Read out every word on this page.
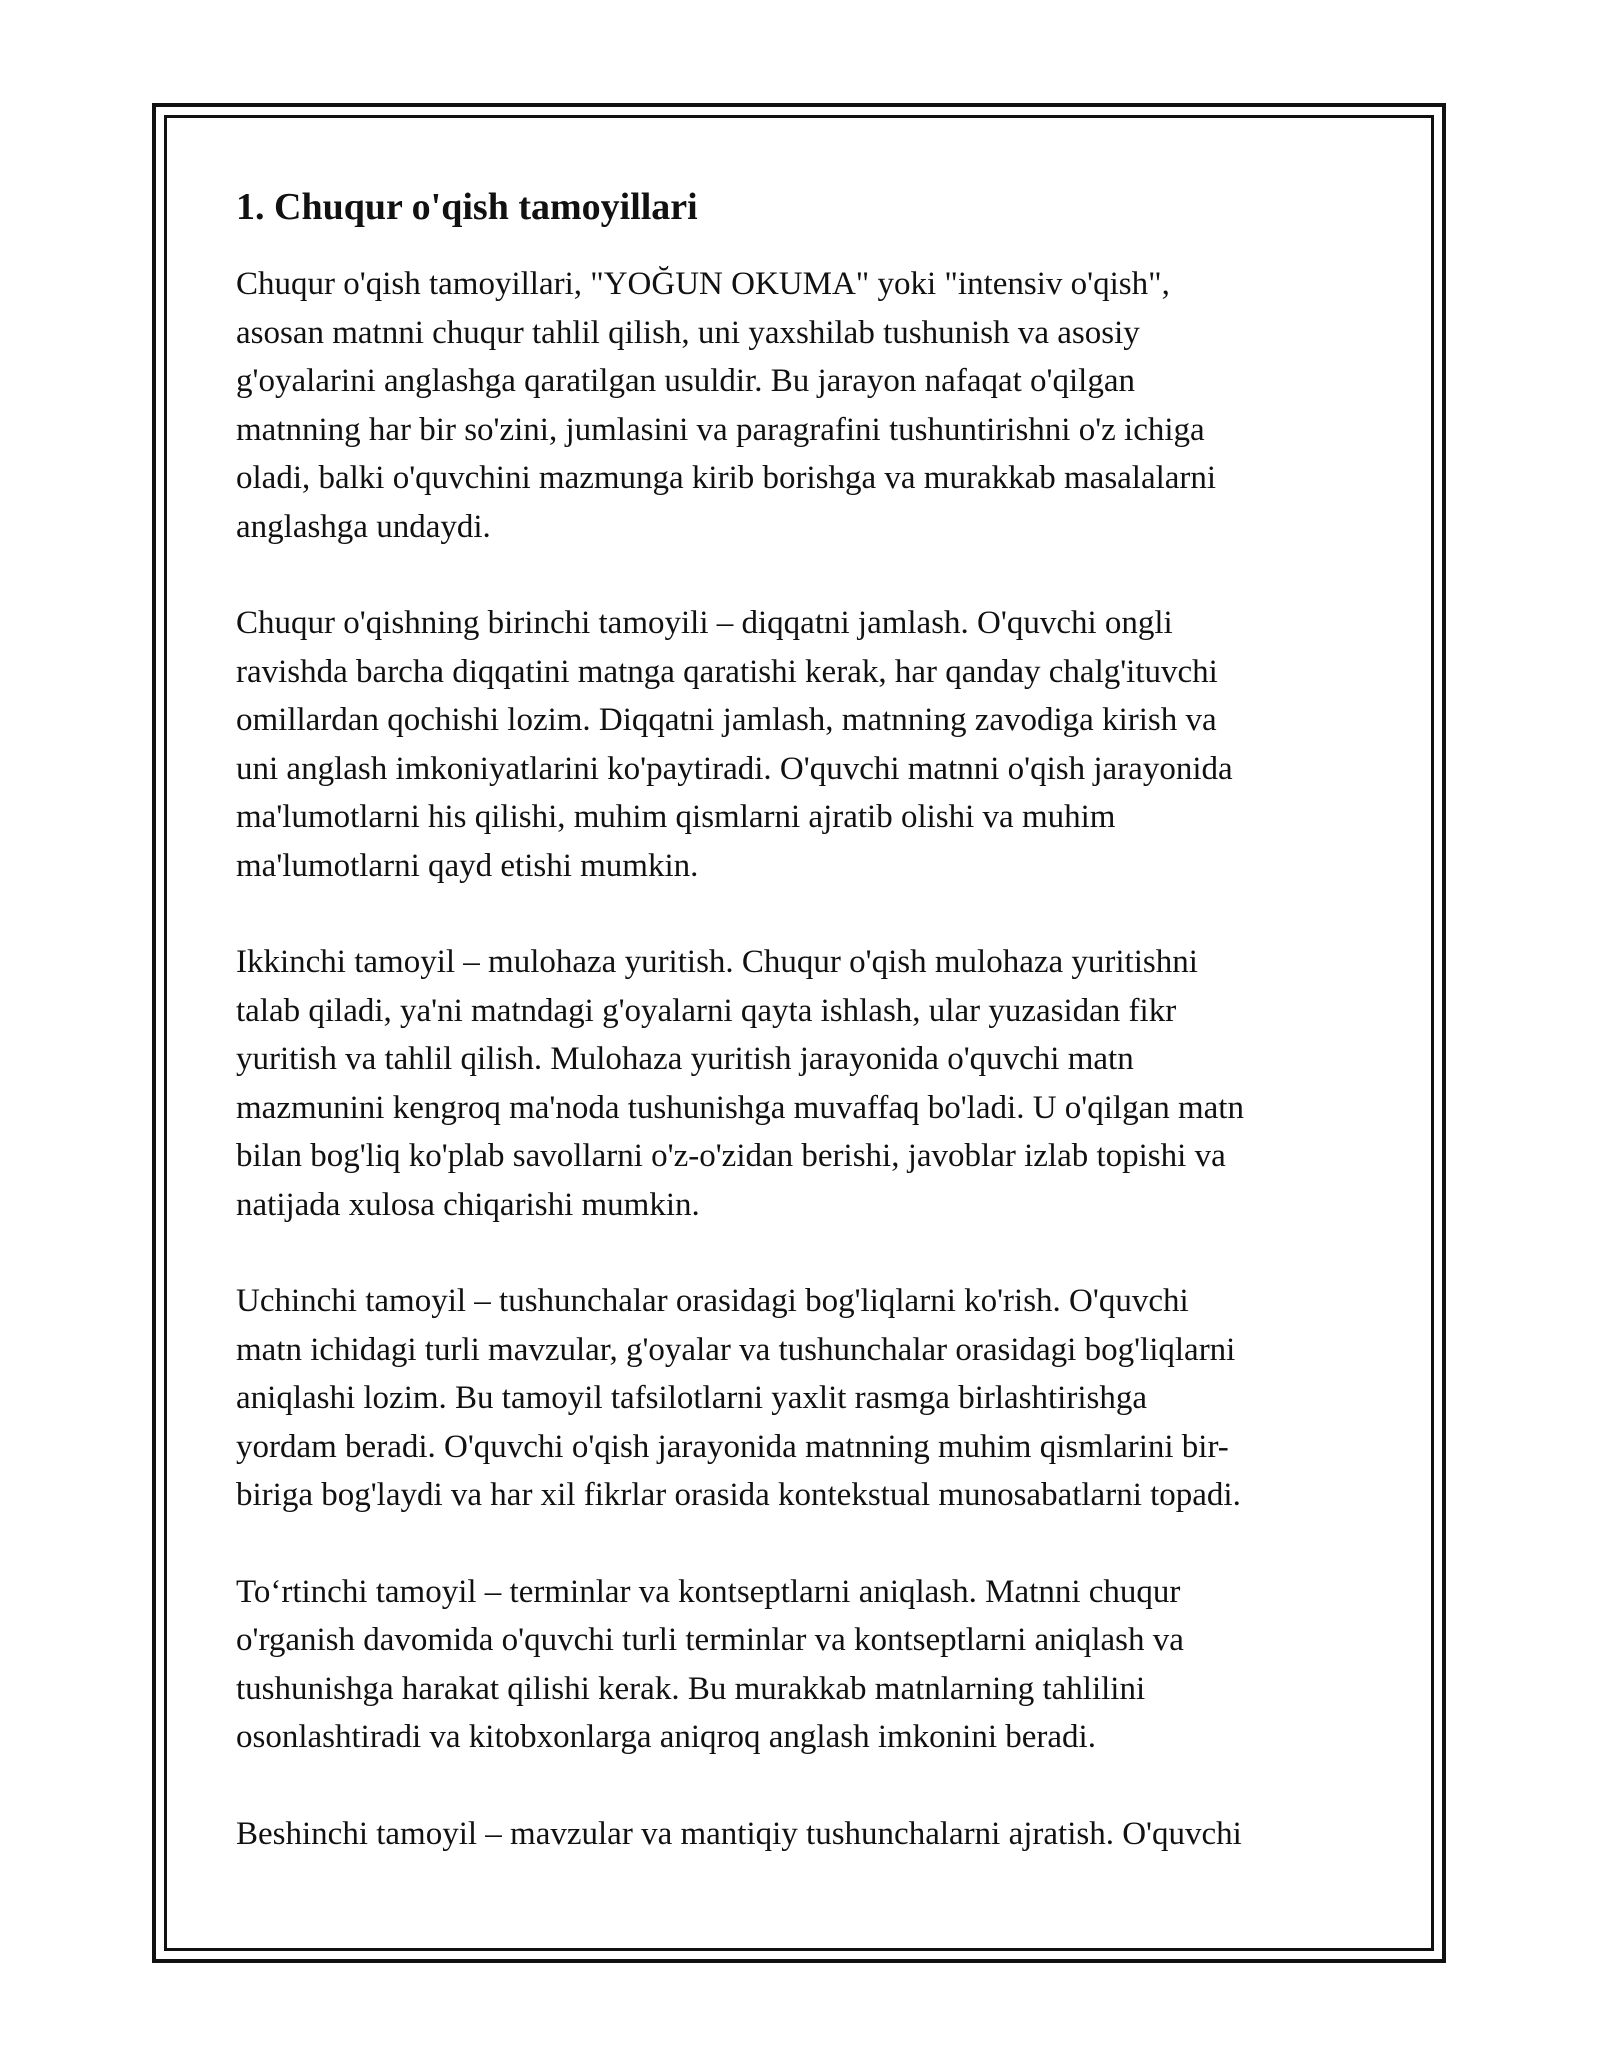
1. Chuqur o'qish tamoyillari

Chuqur o'qish tamoyillari, "YOĞUN OKUMA" yoki "intensiv o'qish",
asosan matnni chuqur tahlil qilish, uni yaxshilab tushunish va asosiy
g'oyalarini anglashga qaratilgan usuldir. Bu jarayon nafaqat o'qilgan
matnning har bir so'zini, jumlasini va paragrafini tushuntirishni o'z ichiga
oladi, balki o'quvchini mazmunga kirib borishga va murakkab masalalarni
anglashga undaydi.

Chuqur o'qishning birinchi tamoyili – diqqatni jamlash. O'quvchi ongli
ravishda barcha diqqatini matnga qaratishi kerak, har qanday chalg'ituvchi
omillardan qochishi lozim. Diqqatni jamlash, matnning zavodiga kirish va
uni anglash imkoniyatlarini ko'paytiradi. O'quvchi matnni o'qish jarayonida
ma'lumotlarni his qilishi, muhim qismlarni ajratib olishi va muhim
ma'lumotlarni qayd etishi mumkin.

Ikkinchi tamoyil – mulohaza yuritish. Chuqur o'qish mulohaza yuritishni
talab qiladi, ya'ni matndagi g'oyalarni qayta ishlash, ular yuzasidan fikr
yuritish va tahlil qilish. Mulohaza yuritish jarayonida o'quvchi matn
mazmunini kengroq ma'noda tushunishga muvaffaq bo'ladi. U o'qilgan matn
bilan bog'liq ko'plab savollarni o'z-o'zidan berishi, javoblar izlab topishi va
natijada xulosa chiqarishi mumkin.

Uchinchi tamoyil – tushunchalar orasidagi bog'liqlarni ko'rish. O'quvchi
matn ichidagi turli mavzular, g'oyalar va tushunchalar orasidagi bog'liqlarni
aniqlashi lozim. Bu tamoyil tafsilotlarni yaxlit rasmga birlashtirishga
yordam beradi. O'quvchi o'qish jarayonida matnning muhim qismlarini bir-
biriga bog'laydi va har xil fikrlar orasida kontekstual munosabatlarni topadi.

To‘rtinchi tamoyil – terminlar va kontseptlarni aniqlash. Matnni chuqur
o'rganish davomida o'quvchi turli terminlar va kontseptlarni aniqlash va
tushunishga harakat qilishi kerak. Bu murakkab matnlarning tahlilini
osonlashtiradi va kitobxonlarga aniqroq anglash imkonini beradi.

Beshinchi tamoyil – mavzular va mantiqiy tushunchalarni ajratish. O'quvchi
